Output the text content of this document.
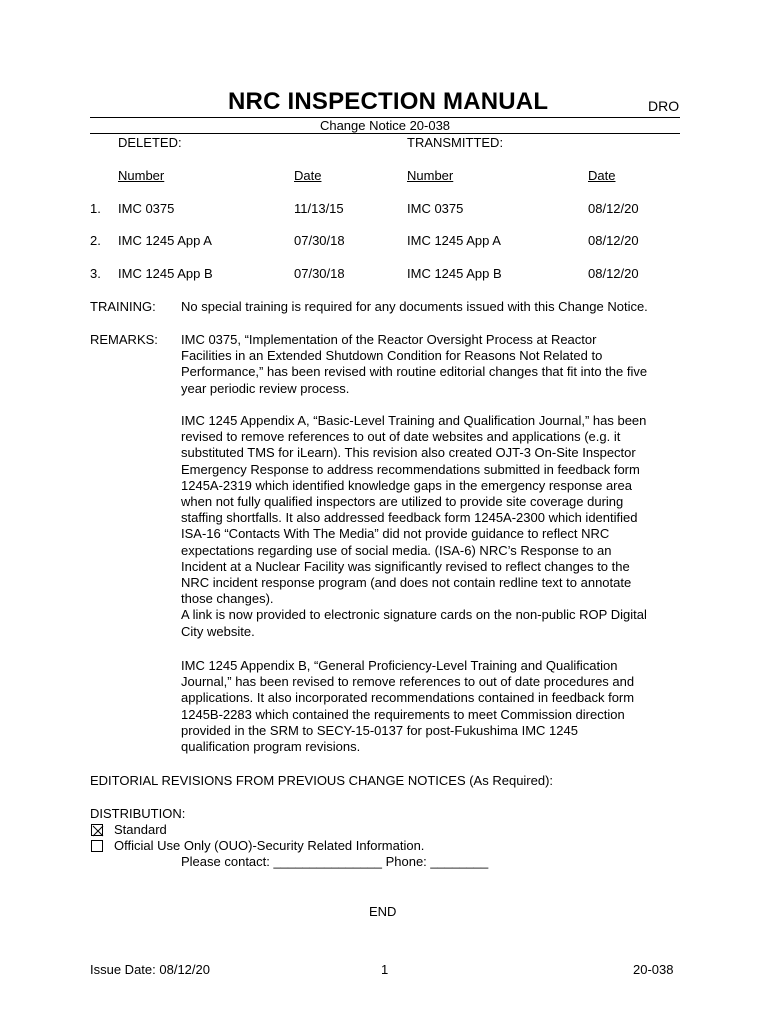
NRC INSPECTION MANUAL	DRO
Change Notice 20-038
DELETED:	TRANSMITTED:
Number	Date	Number	Date
1. IMC 0375	11/13/15	IMC 0375	08/12/20
2. IMC 1245 App A	07/30/18	IMC 1245 App A	08/12/20
3. IMC 1245 App B	07/30/18	IMC 1245 App B	08/12/20
TRAINING: No special training is required for any documents issued with this Change Notice.
REMARKS: IMC 0375, “Implementation of the Reactor Oversight Process at Reactor
Facilities in an Extended Shutdown Condition for Reasons Not Related to
Performance,” has been revised with routine editorial changes that fit into the five
year periodic review process.

IMC 1245 Appendix A, “Basic-Level Training and Qualification Journal,” has been
revised to remove references to out of date websites and applications (e.g. it
substituted TMS for iLearn). This revision also created OJT-3 On-Site Inspector
Emergency Response to address recommendations submitted in feedback form
1245A-2319 which identified knowledge gaps in the emergency response area
when not fully qualified inspectors are utilized to provide site coverage during
staffing shortfalls. It also addressed feedback form 1245A-2300 which identified
ISA-16 “Contacts With The Media” did not provide guidance to reflect NRC
expectations regarding use of social media. (ISA-6) NRC’s Response to an
Incident at a Nuclear Facility was significantly revised to reflect changes to the
NRC incident response program (and does not contain redline text to annotate
those changes).
A link is now provided to electronic signature cards on the non-public ROP Digital
City website.

IMC 1245 Appendix B, “General Proficiency-Level Training and Qualification
Journal,” has been revised to remove references to out of date procedures and
applications. It also incorporated recommendations contained in feedback form
1245B-2283 which contained the requirements to meet Commission direction
provided in the SRM to SECY-15-0137 for post-Fukushima IMC 1245
qualification program revisions.

EDITORIAL REVISIONS FROM PREVIOUS CHANGE NOTICES (As Required):
DISTRIBUTION:
Standard
Official Use Only (OUO)-Security Related Information.
Please contact: _______________ Phone: ________
END
Issue Date: 08/12/20	1	20-038
